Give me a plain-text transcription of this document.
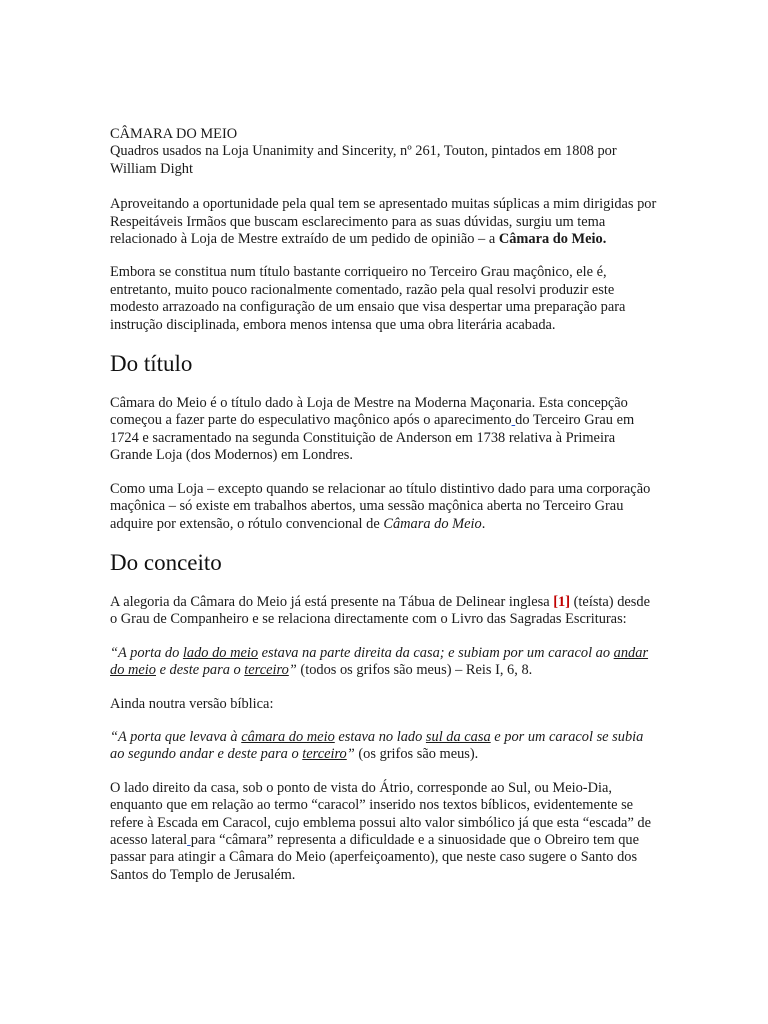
CÂMARA DO MEIO
Quadros usados na Loja Unanimity and Sincerity, nº 261, Touton, pintados em 1808 por William Dight

Aproveitando a oportunidade pela qual tem se apresentado muitas súplicas a mim dirigidas por Respeitáveis Irmãos que buscam esclarecimento para as suas dúvidas, surgiu um tema relacionado à Loja de Mestre extraído de um pedido de opinião – a Câmara do Meio.

Embora se constitua num título bastante corriqueiro no Terceiro Grau maçônico, ele é, entretanto, muito pouco racionalmente comentado, razão pela qual resolvi produzir este modesto arrazoado na configuração de um ensaio que visa despertar uma preparação para instrução disciplinada, embora menos intensa que uma obra literária acabada.

Do título

Câmara do Meio é o título dado à Loja de Mestre na Moderna Maçonaria. Esta concepção começou a fazer parte do especulativo maçônico após o aparecimento do Terceiro Grau em 1724 e sacramentado na segunda Constituição de Anderson em 1738 relativa à Primeira Grande Loja (dos Modernos) em Londres.

Como uma Loja – excepto quando se relacionar ao título distintivo dado para uma corporação maçônica – só existe em trabalhos abertos, uma sessão maçônica aberta no Terceiro Grau adquire por extensão, o rótulo convencional de Câmara do Meio.

Do conceito

A alegoria da Câmara do Meio já está presente na Tábua de Delinear inglesa [1] (teísta) desde o Grau de Companheiro e se relaciona directamente com o Livro das Sagradas Escrituras:

“A porta do lado do meio estava na parte direita da casa; e subiam por um caracol ao andar do meio e deste para o terceiro” (todos os grifos são meus) – Reis I, 6, 8.

Ainda noutra versão bíblica:

“A porta que levava à câmara do meio estava no lado sul da casa e por um caracol se subia ao segundo andar e deste para o terceiro” (os grifos são meus).

O lado direito da casa, sob o ponto de vista do Átrio, corresponde ao Sul, ou Meio-Dia, enquanto que em relação ao termo “caracol” inserido nos textos bíblicos, evidentemente se refere à Escada em Caracol, cujo emblema possui alto valor simbólico já que esta “escada” de acesso lateral para “câmara” representa a dificuldade e a sinuosidade que o Obreiro tem que passar para atingir a Câmara do Meio (aperfeiçoamento), que neste caso sugere o Santo dos Santos do Templo de Jerusalém.
